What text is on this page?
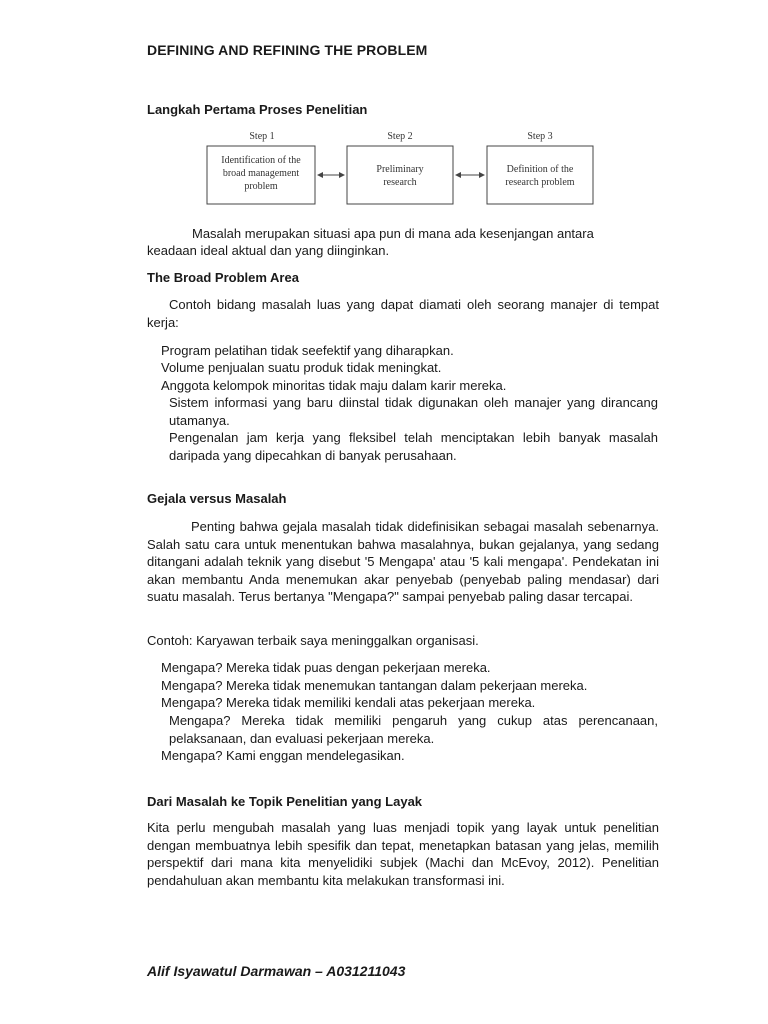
DEFINING AND REFINING THE PROBLEM
Langkah Pertama Proses Penelitian
Step 1	Step 2	Step 3
Identification of the
broad management
problem
Preliminary
research
Definition of the
research problem
Masalah merupakan situasi apa pun di mana ada kesenjangan antara
keadaan ideal aktual dan yang diinginkan.
The Broad Problem Area
Contoh bidang masalah luas yang dapat diamati oleh seorang manajer di tempat kerja:
Program pelatihan tidak seefektif yang diharapkan.
Volume penjualan suatu produk tidak meningkat.
Anggota kelompok minoritas tidak maju dalam karir mereka.
Sistem informasi yang baru diinstal tidak digunakan oleh manajer yang dirancang utamanya.
Pengenalan jam kerja yang fleksibel telah menciptakan lebih banyak masalah daripada yang dipecahkan di banyak perusahaan.
Gejala versus Masalah
Penting bahwa gejala masalah tidak didefinisikan sebagai masalah sebenarnya. Salah satu cara untuk menentukan bahwa masalahnya, bukan gejalanya, yang sedang ditangani adalah teknik yang disebut '5 Mengapa' atau '5 kali mengapa'. Pendekatan ini akan membantu Anda menemukan akar penyebab (penyebab paling mendasar) dari suatu masalah. Terus bertanya "Mengapa?" sampai penyebab paling dasar tercapai.
Contoh: Karyawan terbaik saya meninggalkan organisasi.
Mengapa? Mereka tidak puas dengan pekerjaan mereka.
Mengapa? Mereka tidak menemukan tantangan dalam pekerjaan mereka.
Mengapa? Mereka tidak memiliki kendali atas pekerjaan mereka.
Mengapa? Mereka tidak memiliki pengaruh yang cukup atas perencanaan, pelaksanaan, dan evaluasi pekerjaan mereka.
Mengapa? Kami enggan mendelegasikan.
Dari Masalah ke Topik Penelitian yang Layak
Kita perlu mengubah masalah yang luas menjadi topik yang layak untuk penelitian dengan membuatnya lebih spesifik dan tepat, menetapkan batasan yang jelas, memilih perspektif dari mana kita menyelidiki subjek (Machi dan McEvoy, 2012). Penelitian pendahuluan akan membantu kita melakukan transformasi ini.
Alif Isyawatul Darmawan – A031211043
